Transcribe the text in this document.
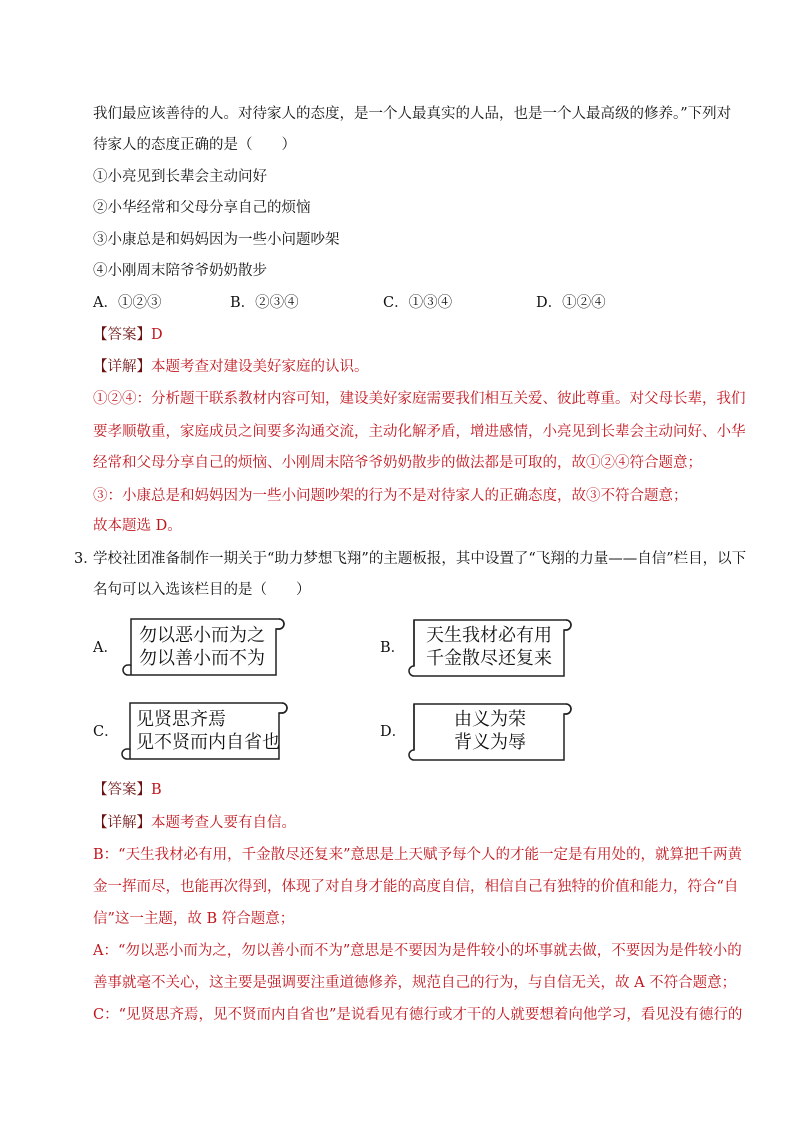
我们最应该善待的人。对待家人的态度，是一个人最真实的人品，也是一个人最高级的修养。”下列对
待家人的态度正确的是（　　）
①小亮见到长辈会主动问好
②小华经常和父母分享自己的烦恼
③小康总是和妈妈因为一些小问题吵架
④小刚周末陪爷爷奶奶散步
A．①②③	B．②③④	C．①③④	D．①②④
【答案】D
【详解】本题考查对建设美好家庭的认识。
①②④：分析题干联系教材内容可知，建设美好家庭需要我们相互关爱、彼此尊重。对父母长辈，我们
要孝顺敬重，家庭成员之间要多沟通交流，主动化解矛盾，增进感情，小亮见到长辈会主动问好、小华
经常和父母分享自己的烦恼、小刚周末陪爷爷奶奶散步的做法都是可取的，故①②④符合题意；
③：小康总是和妈妈因为一些小问题吵架的行为不是对待家人的正确态度，故③不符合题意；
故本题选 D。
3．
学校社团准备制作一期关于“助力梦想飞翔”的主题板报，其中设置了“飞翔的力量——自信”栏目，以下
名句可以入选该栏目的是（　　）
A．
勿以恶小而为之
勿以善小而不为	B．
天生我材必有用
千金散尽还复来
C．
见贤思齐焉
见不贤而内自省也	D．
由义为荣
背义为辱
【答案】B
【详解】本题考查人要有自信。
B：“天生我材必有用，千金散尽还复来”意思是上天赋予每个人的才能一定是有用处的，就算把千两黄
金一挥而尽，也能再次得到，体现了对自身才能的高度自信，相信自己有独特的价值和能力，符合“自
信”这一主题，故 B 符合题意；
A：“勿以恶小而为之，勿以善小而不为”意思是不要因为是件较小的坏事就去做，不要因为是件较小的
善事就毫不关心，这主要是强调要注重道德修养，规范自己的行为，与自信无关，故 A 不符合题意；
C：“见贤思齐焉，见不贤而内自省也”是说看见有德行或才干的人就要想着向他学习，看见没有德行的
